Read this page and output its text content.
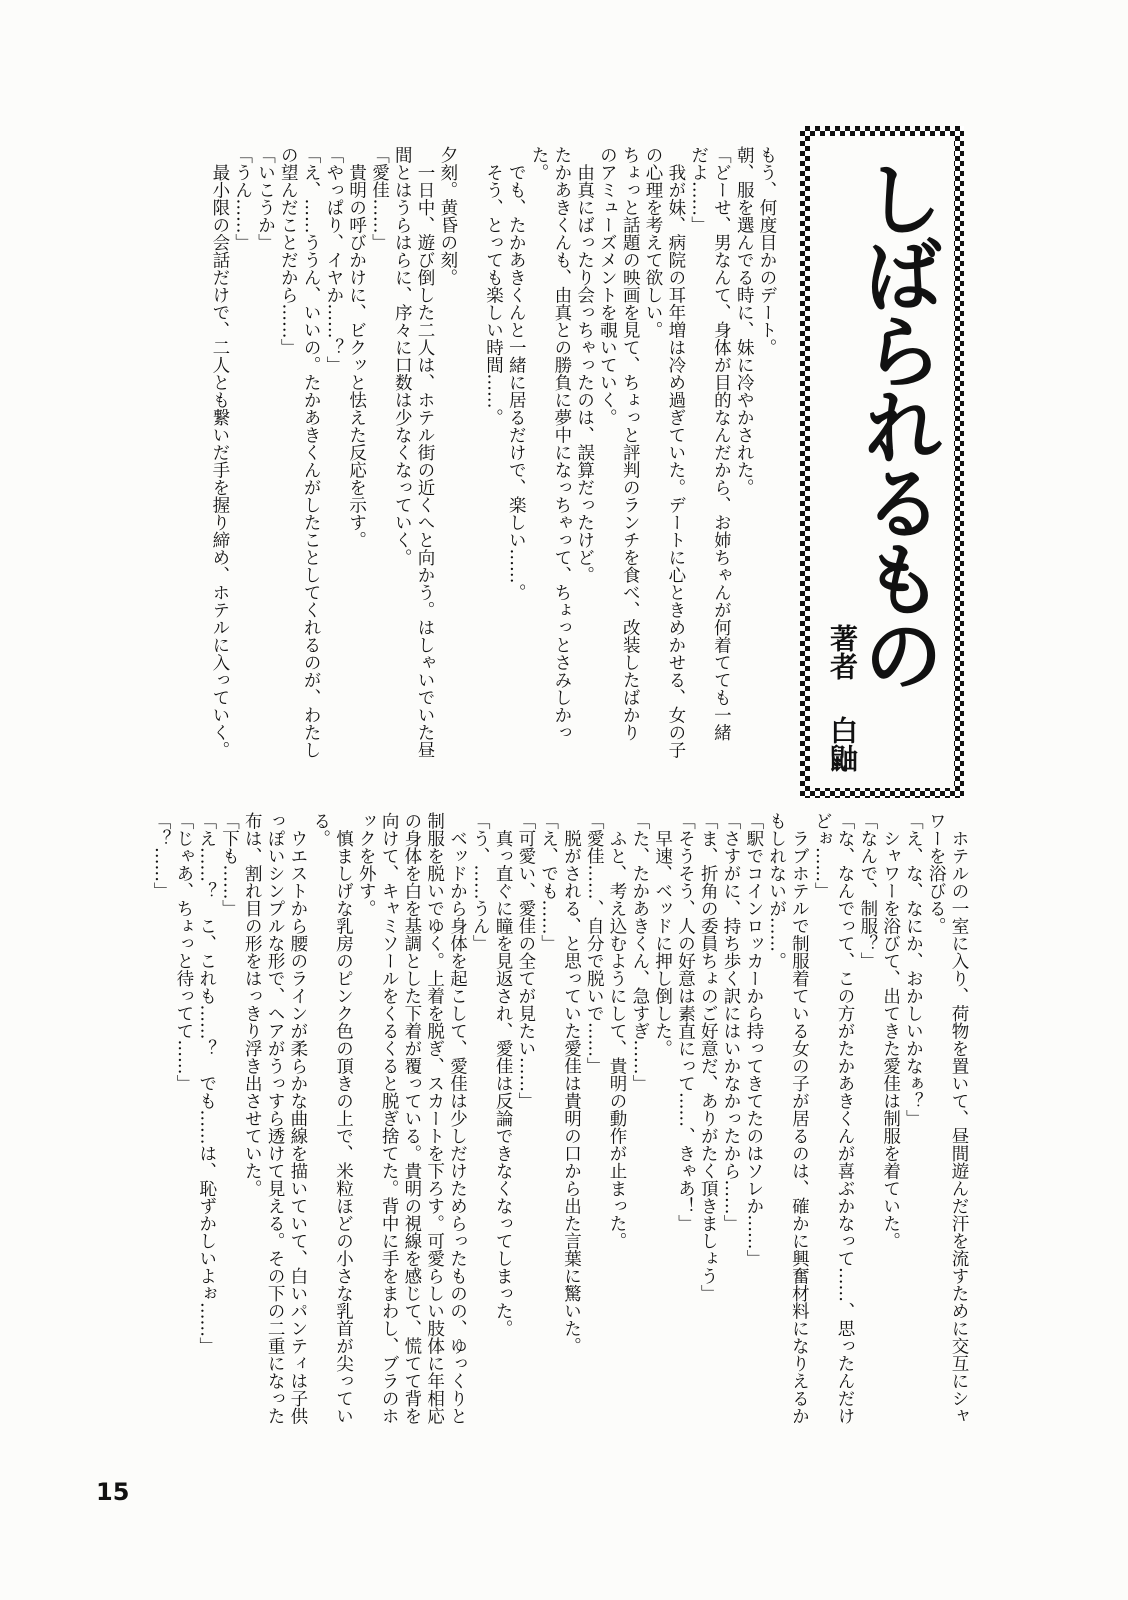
しばられるもの
著者
白鼬
もう、何度目かのデート。
朝、服を選んでる時に、妹に冷やかされた。
「どーせ、男なんて、身体が目的なんだから、お姉ちゃんが何着てても一緒
だよ……」
　我が妹、病院の耳年増は冷め過ぎていた。デートに心ときめかせる、女の子
の心理を考えて欲しい。
ちょっと話題の映画を見て、ちょっと評判のランチを食べ、改装したばかり
のアミューズメントを覗いていく。
　由真にばったり会っちゃったのは、誤算だったけど。
たかあきくんも、由真との勝負に夢中になっちゃって、ちょっとさみしかっ
た。
　でも、たかあきくんと一緒に居るだけで、楽しい……。
　そう、とっても楽しい時間……。
夕刻。黄昏の刻。
　一日中、遊び倒した二人は、ホテル街の近くへと向かう。はしゃいでいた昼
間とはうらはらに、序々に口数は少なくなっていく。
「愛佳……」
　貴明の呼びかけに、ビクッと怯えた反応を示す。
「やっぱり、イヤか……？」
「え、……ううん、いいの。たかあきくんがしたことしてくれるのが、わたし
の望んだことだから……」
「いこうか」
「うん……」
　最小限の会話だけで、二人とも繋いだ手を握り締め、ホテルに入っていく。
　ホテルの一室に入り、荷物を置いて、昼間遊んだ汗を流すために交互にシャ
ワーを浴びる。
「え、な、なにか、おかしいかなぁ？」
　シャワーを浴びて、出てきた愛佳は制服を着ていた。
「なんで、制服？」
「な、なんでって、この方がたかあきくんが喜ぶかなって……、思ったんだけ
どぉ……」
　ラブホテルで制服着ている女の子が居るのは、確かに興奮材料になりえるか
もしれないが……。
「駅でコインロッカーから持ってきてたのはソレか……」
「さすがに、持ち歩く訳にはいかなかったから……」
「ま、折角の委員ちょのご好意だ、ありがたく頂きましょう」
「そうそう、人の好意は素直にって……、きゃあ！」
　早速、ベッドに押し倒した。
「た、たかあきくん、急すぎ……」
　ふと、考え込むようにして、貴明の動作が止まった。
「愛佳……、自分で脱いで……」
　脱がされる、と思っていた愛佳は貴明の口から出た言葉に驚いた。
「え、でも……」
「可愛い、愛佳の全てが見たい……」
　真っ直ぐに瞳を見返され、愛佳は反論できなくなってしまった。
「う、……うん」
　ベッドから身体を起こして、愛佳は少しだけためらったものの、ゆっくりと
制服を脱いでゆく。上着を脱ぎ、スカートを下ろす。可愛らしい肢体に年相応
の身体を白を基調とした下着が覆っている。貴明の視線を感じて、慌てて背を
向けて、キャミソールをくるくると脱ぎ捨てた。背中に手をまわし、ブラのホ
ックを外す。
　慎ましげな乳房のピンク色の頂きの上で、米粒ほどの小さな乳首が尖ってい
る。
　ウエストから腰のラインが柔らかな曲線を描いていて、白いパンティは子供
っぽいシンプルな形で、ヘアがうっすら透けて見える。その下の二重になった
布は、割れ目の形をはっきり浮き出させていた。
「下も……」
「え……？　こ、これも……？　でも……は、恥ずかしいよぉ……」
「じゃあ、ちょっと待ってて……」
「？……」
15
